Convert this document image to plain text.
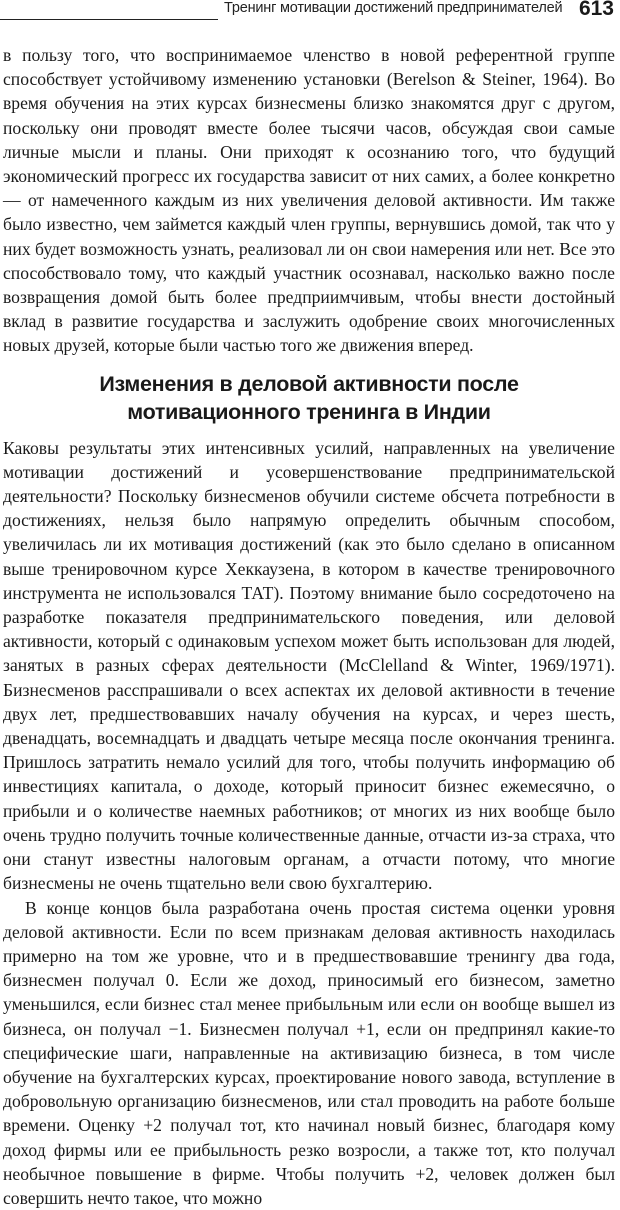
Тренинг мотивации достижений предпринимателей 613

в пользу того, что воспринимаемое членство в новой референтной группе способствует устойчивому изменению установки (Berelson & Steiner, 1964). Во время обучения на этих курсах бизнесмены близко знакомятся друг с другом, поскольку они проводят вместе более тысячи часов, обсуждая свои самые личные мысли и планы. Они приходят к осознанию того, что будущий экономический прогресс их государства зависит от них самих, а более конкретно — от намеченного каждым из них увеличения деловой активности. Им также было известно, чем займется каждый член группы, вернувшись домой, так что у них будет возможность узнать, реализовал ли он свои намерения или нет. Все это способствовало тому, что каждый участник осознавал, насколько важно после возвращения домой быть более предприимчивым, чтобы внести достойный вклад в развитие государства и заслужить одобрение своих многочисленных новых друзей, которые были частью того же движения вперед.

Изменения в деловой активности после
мотивационного тренинга в Индии

Каковы результаты этих интенсивных усилий, направленных на увеличение мотивации достижений и усовершенствование предпринимательской деятельности? Поскольку бизнесменов обучили системе обсчета потребности в достижениях, нельзя было напрямую определить обычным способом, увеличилась ли их мотивация достижений (как это было сделано в описанном выше тренировочном курсе Хеккаузена, в котором в качестве тренировочного инструмента не использовался ТАТ). Поэтому внимание было сосредоточено на разработке показателя предпринимательского поведения, или деловой активности, который с одинаковым успехом может быть использован для людей, занятых в разных сферах деятельности (McClelland & Winter, 1969/1971). Бизнесменов расспрашивали о всех аспектах их деловой активности в течение двух лет, предшествовавших началу обучения на курсах, и через шесть, двенадцать, восемнадцать и двадцать четыре месяца после окончания тренинга. Пришлось затратить немало усилий для того, чтобы получить информацию об инвестициях капитала, о доходе, который приносит бизнес ежемесячно, о прибыли и о количестве наемных работников; от многих из них вообще было очень трудно получить точные количественные данные, отчасти из-за страха, что они станут известны налоговым органам, а отчасти потому, что многие бизнесмены не очень тщательно вели свою бухгалтерию.

В конце концов была разработана очень простая система оценки уровня деловой активности. Если по всем признакам деловая активность находилась примерно на том же уровне, что и в предшествовавшие тренингу два года, бизнесмен получал 0. Если же доход, приносимый его бизнесом, заметно уменьшился, если бизнес стал менее прибыльным или если он вообще вышел из бизнеса, он получал −1. Бизнесмен получал +1, если он предпринял какие-то специфические шаги, направленные на активизацию бизнеса, в том числе обучение на бухгалтерских курсах, проектирование нового завода, вступление в добровольную организацию бизнесменов, или стал проводить на работе больше времени. Оценку +2 получал тот, кто начинал новый бизнес, благодаря кому доход фирмы или ее прибыльность резко возросли, а также тот, кто получал необычное повышение в фирме. Чтобы получить +2, человек должен был совершить нечто такое, что можно
